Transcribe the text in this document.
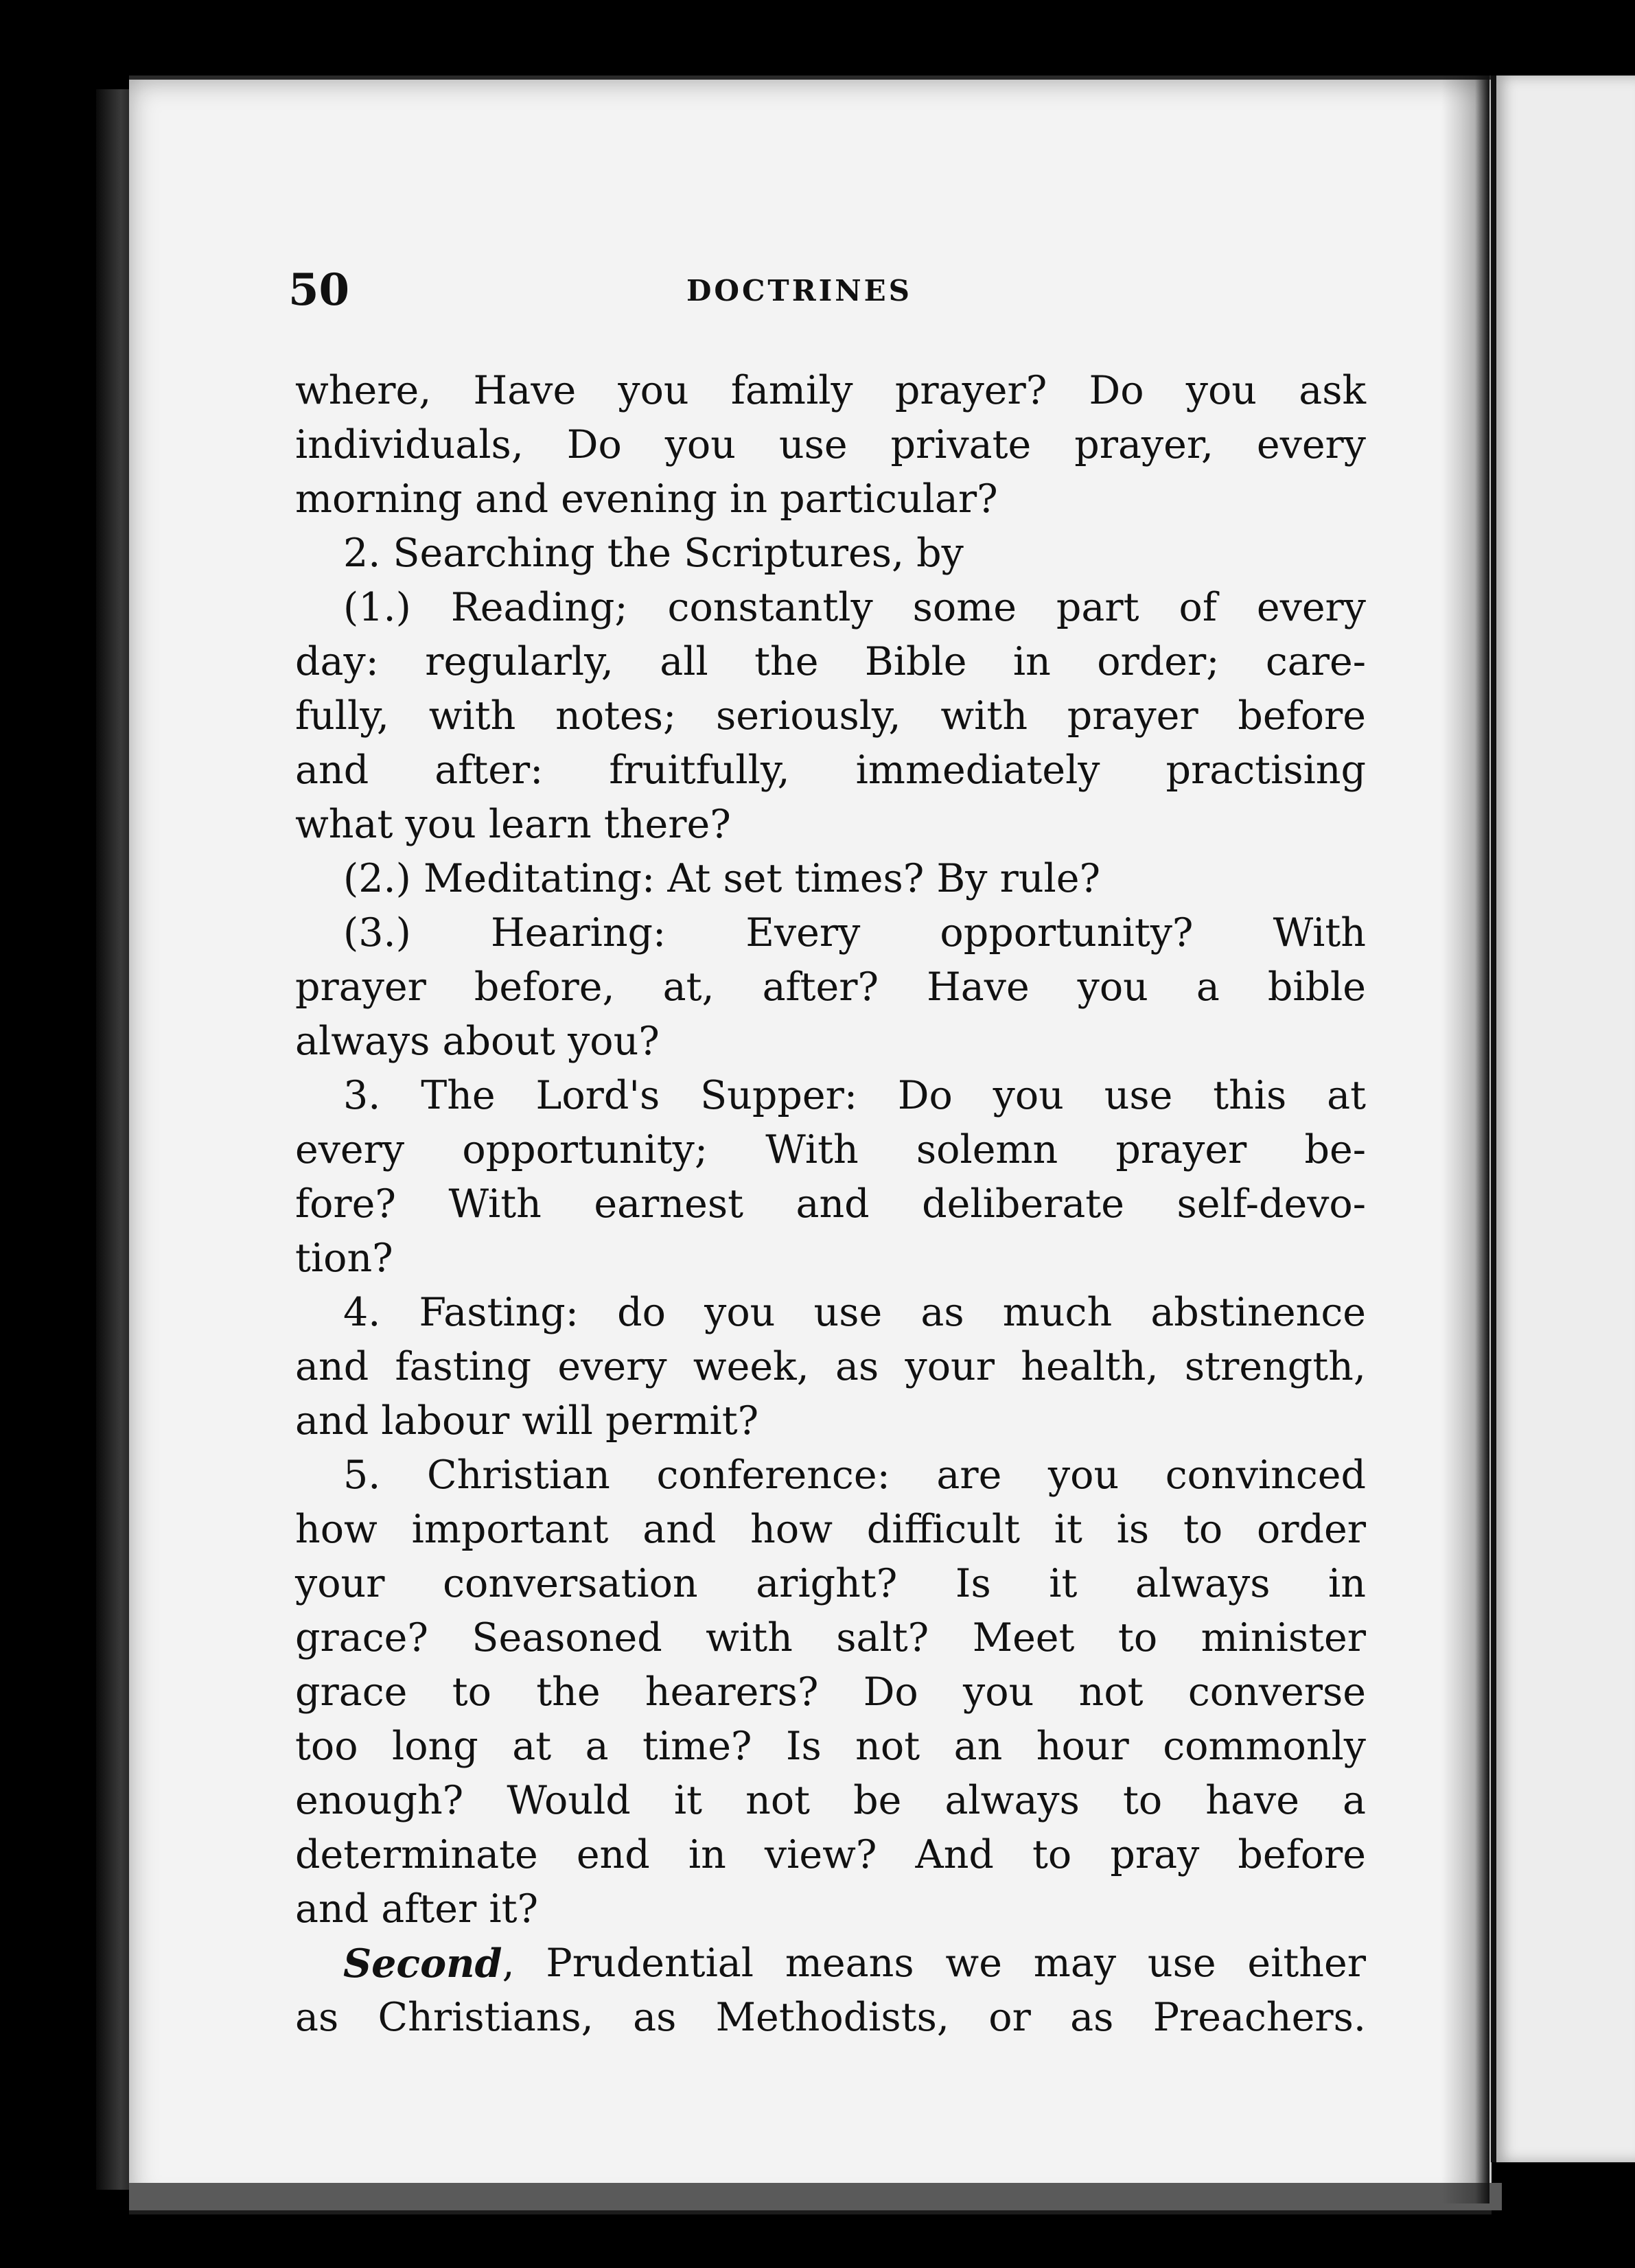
50	DOCTRINES
where, Have you family prayer? Do you ask
individuals, Do you use private prayer, every
morning and evening in particular?
2. Searching the Scriptures, by
(1.) Reading; constantly some part of every
day: regularly, all the Bible in order; care-
fully, with notes; seriously, with prayer before
and after: fruitfully, immediately practising
what you learn there?
(2.) Meditating: At set times? By rule?
(3.) Hearing: Every opportunity? With
prayer before, at, after? Have you a bible
always about you?
3. The Lord's Supper: Do you use this at
every opportunity; With solemn prayer be-
fore? With earnest and deliberate self-devo-
tion?
4. Fasting: do you use as much abstinence
and fasting every week, as your health, strength,
and labour will permit?
5. Christian conference: are you convinced
how important and how difficult it is to order
your conversation aright? Is it always in
grace? Seasoned with salt? Meet to minister
grace to the hearers? Do you not converse
too long at a time? Is not an hour commonly
enough? Would it not be always to have a
determinate end in view? And to pray before
and after it?
Second , Prudential means we may use either
as Christians, as Methodists, or as Preachers.
